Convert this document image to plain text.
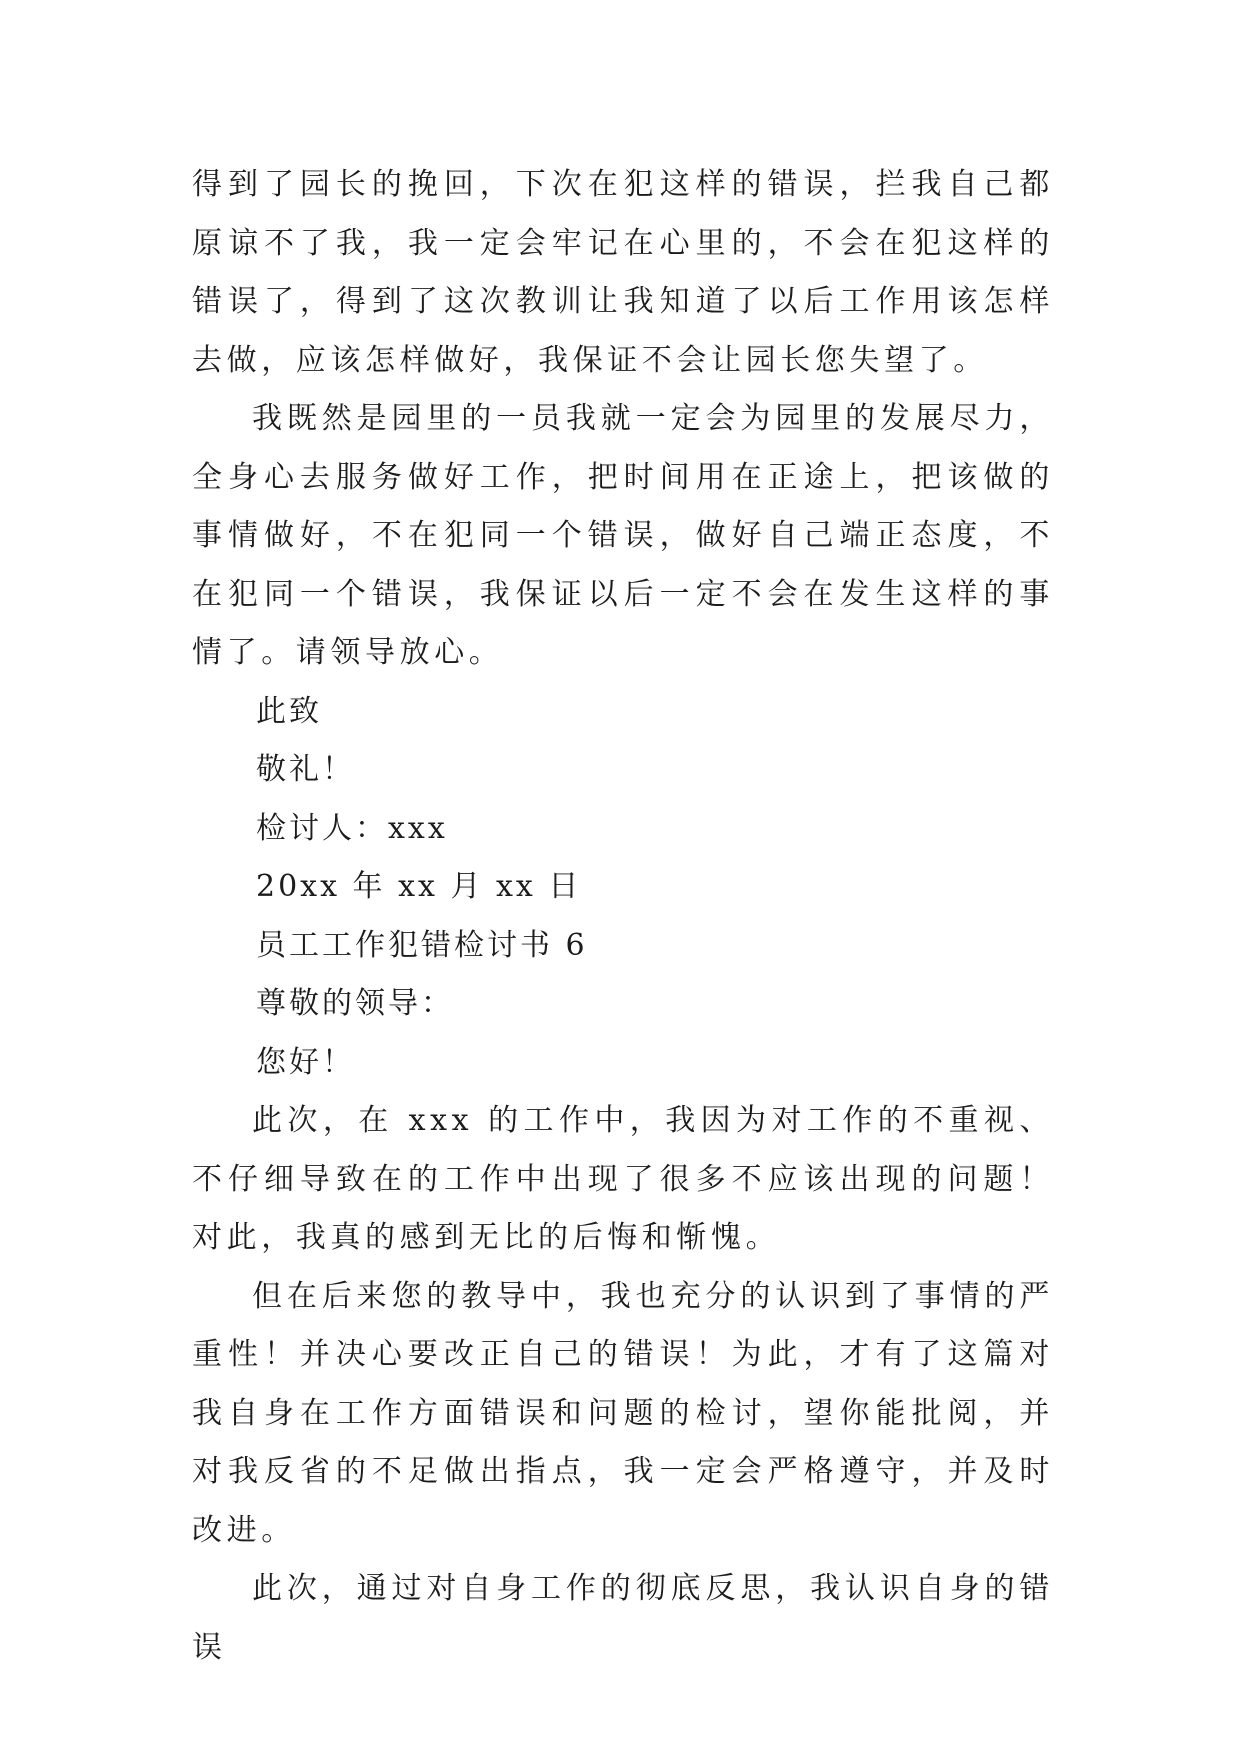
得到了园长的挽回，下次在犯这样的错误，拦我自己都原谅不了我，我一定会牢记在心里的，不会在犯这样的错误了，得到了这次教训让我知道了以后工作用该怎样去做，应该怎样做好，我保证不会让园长您失望了。

我既然是园里的一员我就一定会为园里的发展尽力，全身心去服务做好工作，把时间用在正途上，把该做的事情做好，不在犯同一个错误，做好自己端正态度，不在犯同一个错误，我保证以后一定不会在发生这样的事情了。请领导放心。

此致

敬礼！

检讨人：xxx

20xx 年 xx 月 xx 日

员工工作犯错检讨书 6

尊敬的领导：

您好！

此次，在 xxx 的工作中，我因为对工作的不重视、不仔细导致在的工作中出现了很多不应该出现的问题！对此，我真的感到无比的后悔和惭愧。

但在后来您的教导中，我也充分的认识到了事情的严重性！并决心要改正自己的错误！为此，才有了这篇对我自身在工作方面错误和问题的检讨，望你能批阅，并对我反省的不足做出指点，我一定会严格遵守，并及时改进。

此次，通过对自身工作的彻底反思，我认识自身的错误
